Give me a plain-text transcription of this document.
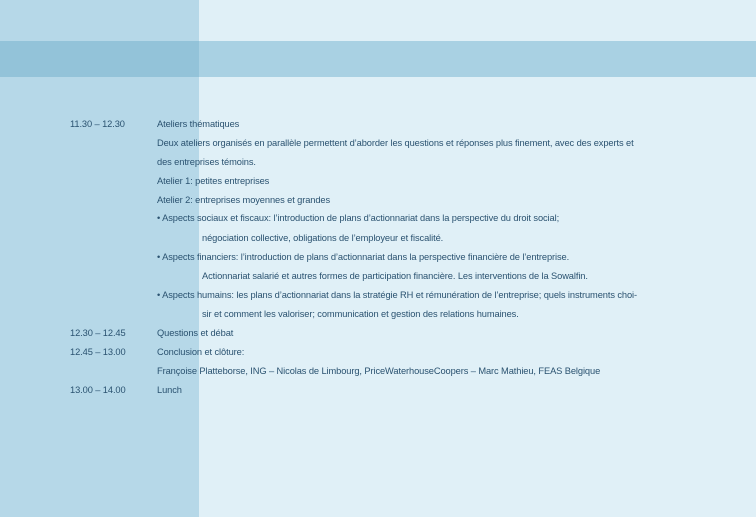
11.30 – 12.30	Ateliers thématiques
Deux ateliers organisés en parallèle permettent d’aborder les questions et réponses plus finement, avec des experts et
des entreprises témoins.
Atelier 1: petites entreprises
Atelier 2: entreprises moyennes et grandes
• Aspects sociaux et fiscaux: l’introduction de plans d’actionnariat dans la perspective du droit social;
négociation collective, obligations de l’employeur et fiscalité.
• Aspects financiers: l’introduction de plans d’actionnariat dans la perspective financière de l’entreprise.
Actionnariat salarié et autres formes de participation financière. Les interventions de la Sowalfin.
• Aspects humains: les plans d’actionnariat dans la stratégie RH et rémunération de l’entreprise; quels instruments choi-
sir et comment les valoriser; communication et gestion des relations humaines.
12.30 – 12.45	Questions et débat
12.45 – 13.00	Conclusion et clôture:
Françoise Platteborse, ING – Nicolas de Limbourg, PriceWaterhouseCoopers – Marc Mathieu, FEAS Belgique
13.00 – 14.00	Lunch
